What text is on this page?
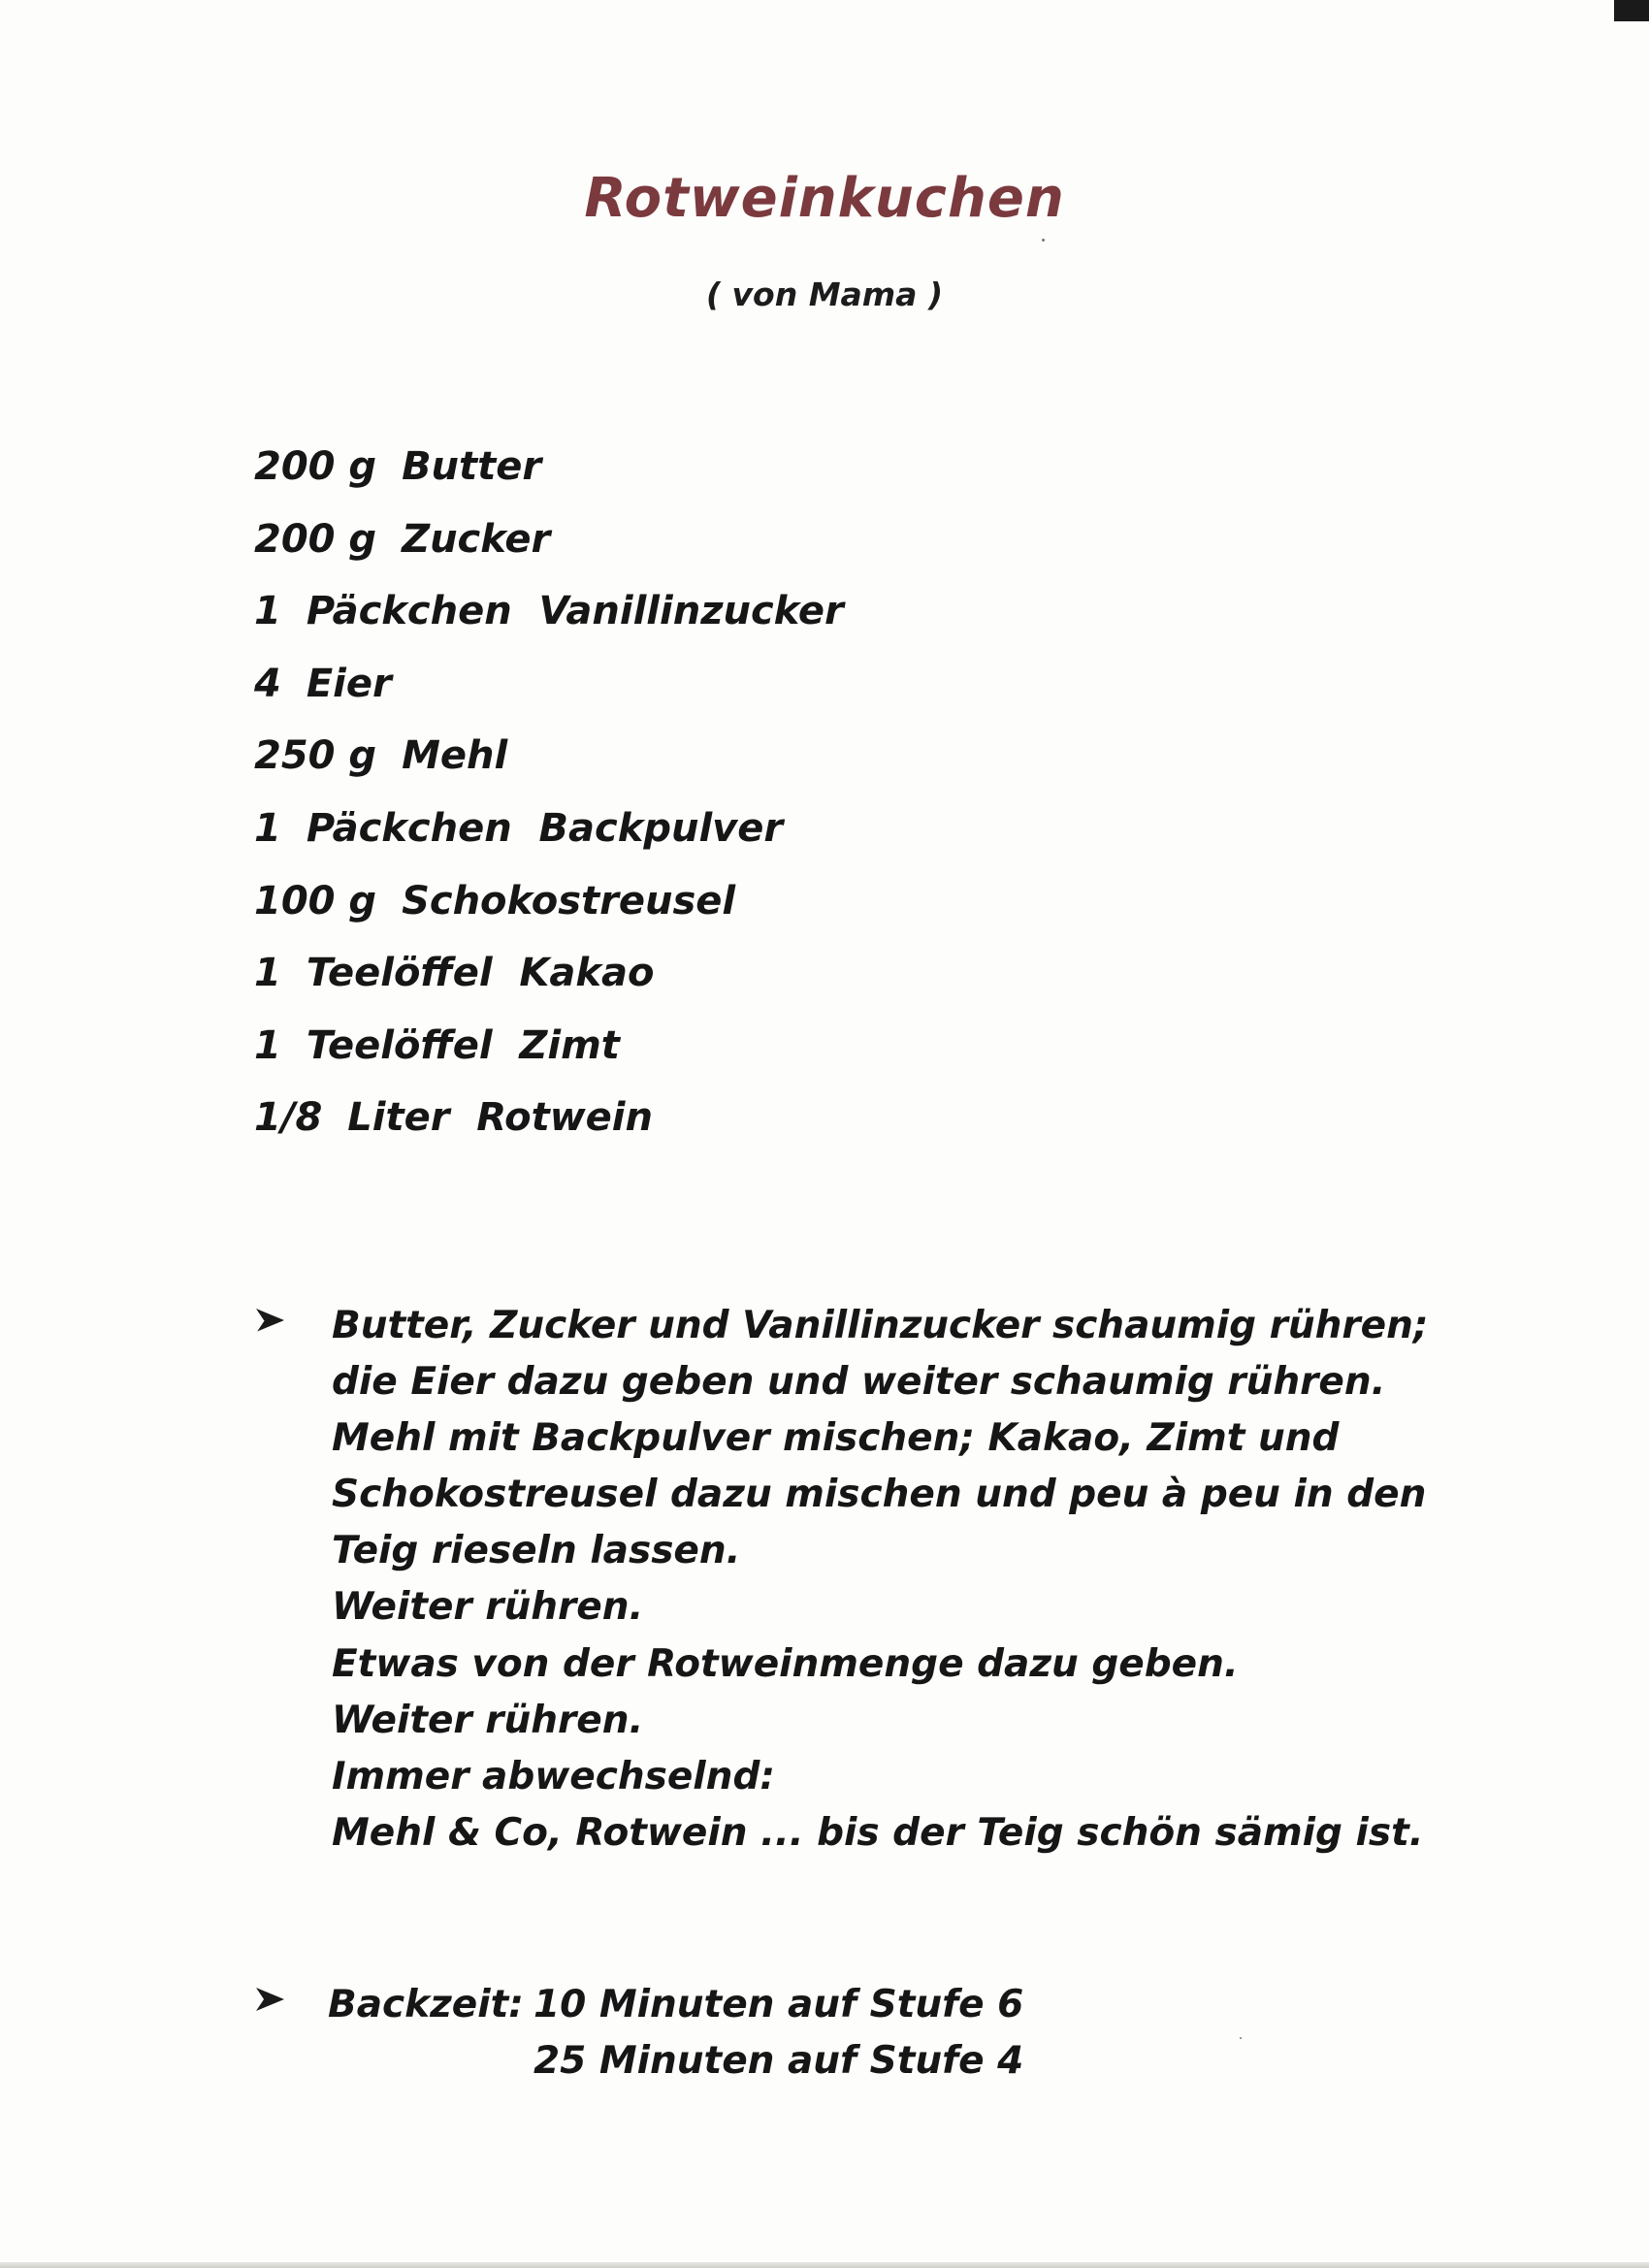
Rotweinkuchen
( von Mama )
200 g Butter
200 g Zucker
1 Päckchen  Vanillinzucker
4 Eier
250 g Mehl
1 Päckchen  Backpulver
100 g Schokostreusel
1 Teelöffel  Kakao
1 Teelöffel  Zimt
1/8 Liter  Rotwein
Butter, Zucker und Vanillinzucker schaumig rühren;
die Eier dazu geben und weiter schaumig rühren.
Mehl mit Backpulver mischen; Kakao, Zimt und
Schokostreusel dazu mischen und peu à peu in den
Teig rieseln lassen.
Weiter rühren.
Etwas von der Rotweinmenge dazu geben.
Weiter rühren.
Immer abwechselnd:
Mehl & Co, Rotwein ... bis der Teig schön sämig ist.
Backzeit: 10 Minuten auf Stufe 6
25 Minuten auf Stufe 4
